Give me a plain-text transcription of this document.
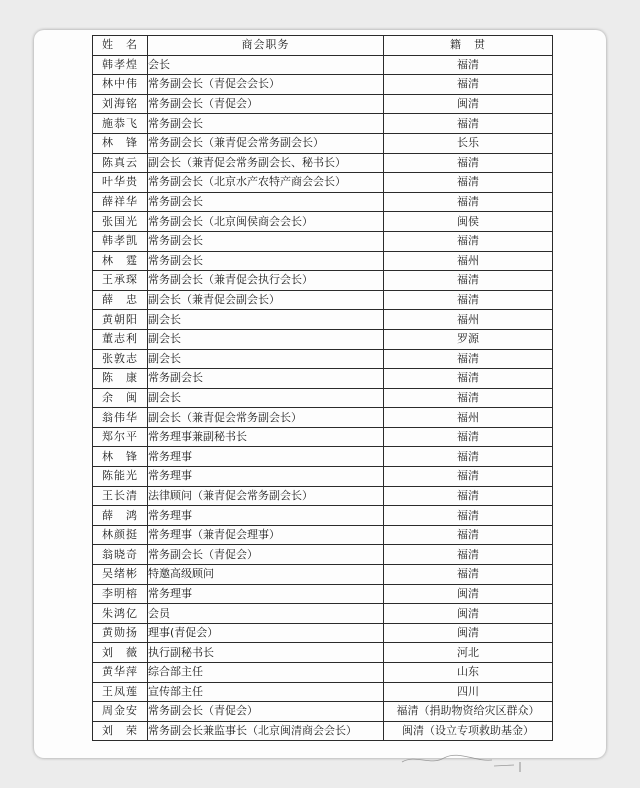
姓　名	商会职务	籍　贯
韩孝煌	会长	福清
林中伟	常务副会长（青促会会长）	福清
刘海铭	常务副会长（青促会）	闽清
施恭飞	常务副会长	福清
林　锋	常务副会长（兼青促会常务副会长）	长乐
陈真云	副会长（兼青促会常务副会长、秘书长）	福清
叶华贵	常务副会长（北京水产农特产商会会长）	福清
薛祥华	常务副会长	福清
张国光	常务副会长（北京闽侯商会会长）	闽侯
韩孝凯	常务副会长	福清
林　霆	常务副会长	福州
王承琛	常务副会长（兼青促会执行会长）	福清
薛　忠	副会长（兼青促会副会长）	福清
黄朝阳	副会长	福州
董志利	副会长	罗源
张敦志	副会长	福清
陈　康	常务副会长	福清
余　闽	副会长	福清
翁伟华	副会长（兼青促会常务副会长）	福州
郑尔平	常务理事兼副秘书长	福清
林　锋	常务理事	福清
陈能光	常务理事	福清
王长清	法律顾问（兼青促会常务副会长）	福清
薛　鸿	常务理事	福清
林颜挺	常务理事（兼青促会理事）	福清
翁晓奇	常务副会长（青促会）	福清
吴绪彬	特邀高级顾问	福清
李明榕	常务理事	闽清
朱鸿亿	会员	闽清
黄勋扬	理事(青促会）	闽清
刘　薇	执行副秘书长	河北
黄华萍	综合部主任	山东
王凤莲	宣传部主任	四川
周金安	常务副会长（青促会）	福清（捐助物资给灾区群众）
刘　荣	常务副会长兼监事长（北京闽清商会会长）	闽清（设立专项救助基金）
